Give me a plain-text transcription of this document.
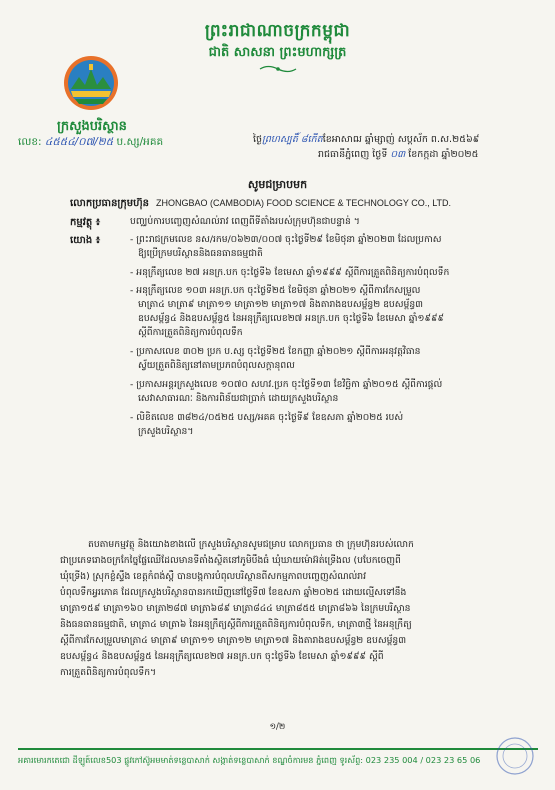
ព្រះរាជាណាចក្រកម្ពុជា
ជាតិ សាសនា ព្រះមហាក្សត្រ
ក្រសួងបរិស្ថាន
លេខ: ៤៥៥៤/០៧/២៥ ប.ស្ស/អគគ	ថ្ងៃព្រហស្បតិ៍ ៨កើតខែអាសាឍ ឆ្នាំម្សាញ់ សប្តស័ក ព.ស.២៥៦៩
រាជធានីភ្នំពេញ ថ្ងៃទី ០៣ ខែកក្កដា ឆ្នាំ២០២៥
សូមជម្រាបមក
លោកប្រធានក្រុមហ៊ុន ZHONGBAO (CAMBODIA) FOOD SCIENCE & TECHNOLOGY CO., LTD.
កម្មវត្ថុ ៖	បញ្ឈប់ការបញ្ចេញសំណល់រាវ ពេញពីទីតាំងរបស់ក្រុមហ៊ុនជាបន្ទាន់ ។
យោង ៖	- ព្រះរាជក្រមលេខ នស/រកម/០៦២៣/០០៧ ចុះថ្ងៃទី២៩ ខែមិថុនា ឆ្នាំ២០២៣ ដែលប្រកាស
ឱ្យប្រើក្រមបរិស្ថាននិងធនធានធម្មជាតិ
- អនុក្រឹត្យលេខ ២៧ អនក្រ.បក ចុះថ្ងៃទី៦ ខែមេសា ឆ្នាំ១៩៩៩ ស្តីពីការត្រួតពិនិត្យការបំពុលទឹក
- អនុក្រឹត្យលេខ ១០៣ អនក្រ.បក ចុះថ្ងៃទី២៥ ខែមិថុនា ឆ្នាំ២០២១ ស្តីពីការកែសម្រួល
មាត្រា៤ មាត្រា៩ មាត្រា១១ មាត្រា១២ មាត្រា១៧ និងតារាងឧបសម្ព័ន្ធ២ ឧបសម្ព័ន្ធ៣
ឧបសម្ព័ន្ធ៤ និងឧបសម្ព័ន្ធ៥ នៃអនុក្រឹត្យលេខ២៧ អនក្រ.បក ចុះថ្ងៃទី៦ ខែមេសា ឆ្នាំ១៩៩៩
ស្តីពីការត្រួតពិនិត្យការបំពុលទឹក
- ប្រកាសលេខ ៣០២ ប្រក ប.ស្ស ចុះថ្ងៃទី២៥ ខែកញ្ញា ឆ្នាំ២០២១ ស្តីពីការអនុវត្តវិធាន
ស្វ័យត្រួតពិនិត្យនៅតាមប្រភពបំពុលសក្តានុពល
- ប្រកាសអន្តរក្រសួងលេខ ១០៧០ សហវ.ប្រក ចុះថ្ងៃទី១៣ ខែវិច្ឆិកា ឆ្នាំ២០១៥ ស្តីពីការផ្តល់
សេវាសាធារណៈ និងការពិន័យជាប្រាក់ ដោយក្រសួងបរិស្ថាន
- លិខិតលេខ ៣៨២៤/០៥២៥ បស្ស/អគគ ចុះថ្ងៃទី៩ ខែឧសភា ឆ្នាំ២០២៥ របស់
ក្រសួងបរិស្ថាន។
តបតាមកម្មវត្ថុ និងយោងខាងលើ ក្រសួងបរិស្ថានសូមជម្រាប លោកប្រធាន ថា ក្រុមហ៊ុនរបស់លោក
ជាប្រភេទរោងចក្រកែច្នៃផ្លែឈើដែលមានទីតាំងស្ថិតនៅភូមិបឹងធំ ឃុំឃាយម៉ោអ៊ត់ទ្រើងល (បបែកចេញពី
ឃុំទ្រើង) ស្រុកខ្លំស្ទឹង ខេត្តកំពង់ស្ពឺ បានបង្កការបំពុលបរិស្ថានពីសកម្មភាពបញ្ចេញសំណល់រាវ
បំពុលទឹកអ្វរភោគ ដែលក្រសួងបរិស្ថានបានរកឃើញនៅថ្ងៃទី៧ ខែឧសភា ឆ្នាំ២០២៥ ដោយល្មើសទៅនឹង
មាត្រា១៥៩ មាត្រា១៦០ មាត្រា២៨៧ មាត្រា៦៨៩ មាត្រា៨៤៤ មាត្រា៨៥៥ មាត្រា៨៦៦ នៃក្រមបរិស្ថាន
និងធនធានធម្មជាតិ, មាត្រា៤ មាត្រា៦ នៃអនុក្រឹត្យស្តីពីការត្រួតពិនិត្យការបំពុលទឹក, មាត្រា៣ថ្មី នៃអនុក្រឹត្យ
ស្តីពីការកែសម្រួលមាត្រា៤ មាត្រា៩ មាត្រា១១ មាត្រា១២ មាត្រា១៧ និងតារាងឧបសម្ព័ន្ធ២ ឧបសម្ព័ន្ធ៣
ឧបសម្ព័ន្ធ៤ និងឧបសម្ព័ន្ធ៥ នៃអនុក្រឹត្យលេខ២៧ អនក្រ.បក ចុះថ្ងៃទី៦ ខែមេសា ឆ្នាំ១៩៩៩ ស្តីពី
ការត្រួតពិនិត្យការបំពុលទឹក។
១/២
អគារមោរកតេជោ ដីឡូត៍លេខ503 ផ្លូវកៅស៊ូអមមាត់ទន្លេបាសាក់ សង្កាត់ទន្លេបាសាក់ ខណ្ឌចំការមន ភ្នំពេញ ទូរស័ព្ទ: 023 235 004 / 023 23 65 06
